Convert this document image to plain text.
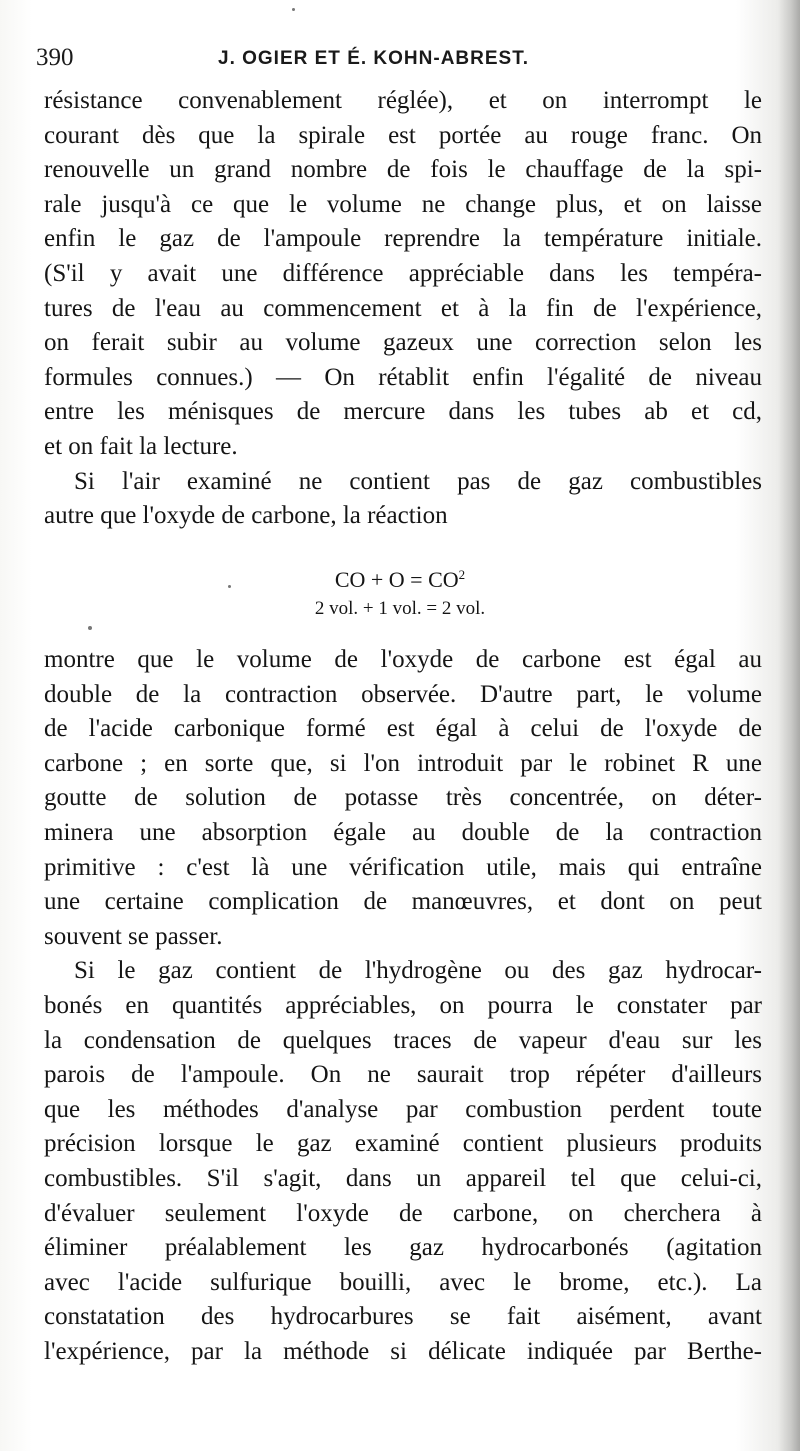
390	J. OGIER ET É. KOHN-ABREST.
résistance convenablement réglée), et on interrompt le
courant dès que la spirale est portée au rouge franc. On
renouvelle un grand nombre de fois le chauffage de la spi-
rale jusqu'à ce que le volume ne change plus, et on laisse
enfin le gaz de l'ampoule reprendre la température initiale.
(S'il y avait une différence appréciable dans les tempéra-
tures de l'eau au commencement et à la fin de l'expérience,
on ferait subir au volume gazeux une correction selon les
formules connues.) — On rétablit enfin l'égalité de niveau
entre les ménisques de mercure dans les tubes ab et cd,
et on fait la lecture.
Si l'air examiné ne contient pas de gaz combustibles
autre que l'oxyde de carbone, la réaction
CO + $O = CO^2$
2 vol. + 1 vol. = 2 vol.
montre que le volume de l'oxyde de carbone est égal au
double de la contraction observée. D'autre part, le volume
de l'acide carbonique formé est égal à celui de l'oxyde de
carbone ; en sorte que, si l'on introduit par le robinet R une
goutte de solution de potasse très concentrée, on déter-
minera une absorption égale au double de la contraction
primitive : c'est là une vérification utile, mais qui entraîne
une certaine complication de manœuvres, et dont on peut
souvent se passer.
Si le gaz contient de l'hydrogène ou des gaz hydrocar-
bonés en quantités appréciables, on pourra le constater par
la condensation de quelques traces de vapeur d'eau sur les
parois de l'ampoule. On ne saurait trop répéter d'ailleurs
que les méthodes d'analyse par combustion perdent toute
précision lorsque le gaz examiné contient plusieurs produits
combustibles. S'il s'agit, dans un appareil tel que celui-ci,
d'évaluer seulement l'oxyde de carbone, on cherchera à
éliminer préalablement les gaz hydrocarbonés (agitation
avec l'acide sulfurique bouilli, avec le brome, etc.). La
constatation des hydrocarbures se fait aisément, avant
l'expérience, par la méthode si délicate indiquée par Berthe-
